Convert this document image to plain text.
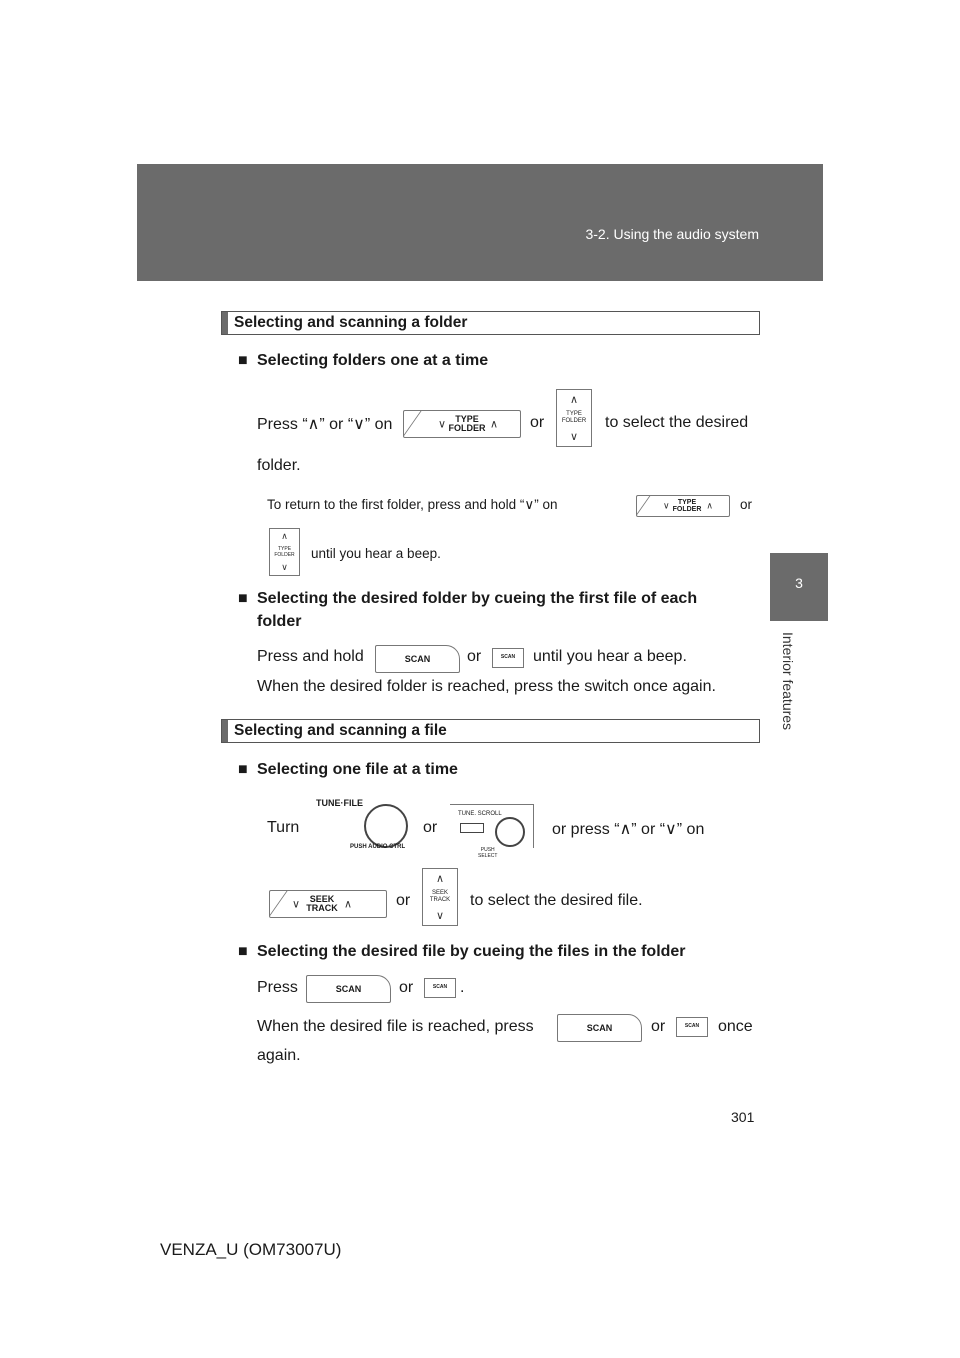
3-2. Using the audio system
3
Interior features
Selecting and scanning a folder
■ Selecting folders one at a time
Press “∧” or “∨” on	∨	TYPE
FOLDER ∧ or
∧
TYPE
FOLDER
∨
to select the desired
folder.
To return to the first folder, press and hold “∨” on	∨	TYPE
FOLDER ∧ or
∧
TYPE
FOLDER
∨
until you hear a beep.
■ Selecting the desired folder by cueing the first file of each
folder
Press and hold	SCAN	or	SCAN	until you hear a beep.
When the desired folder is reached, press the switch once again.
Selecting and scanning a file
■ Selecting one file at a time
Turn
TUNE·FILE
PUSH AUDIO CTRL
or
TUNE. SCROLL
PUSH
SELECT
or press “∧” or “∨” on
∨	SEEK
TRACK ∧	or
∧
SEEK
TRACK
∨
to select the desired file.
■ Selecting the desired file by cueing the files in the folder
Press	SCAN	or	SCAN .
When the desired file is reached, press	SCAN	or	SCAN	once
again.
301
VENZA_U (OM73007U)
